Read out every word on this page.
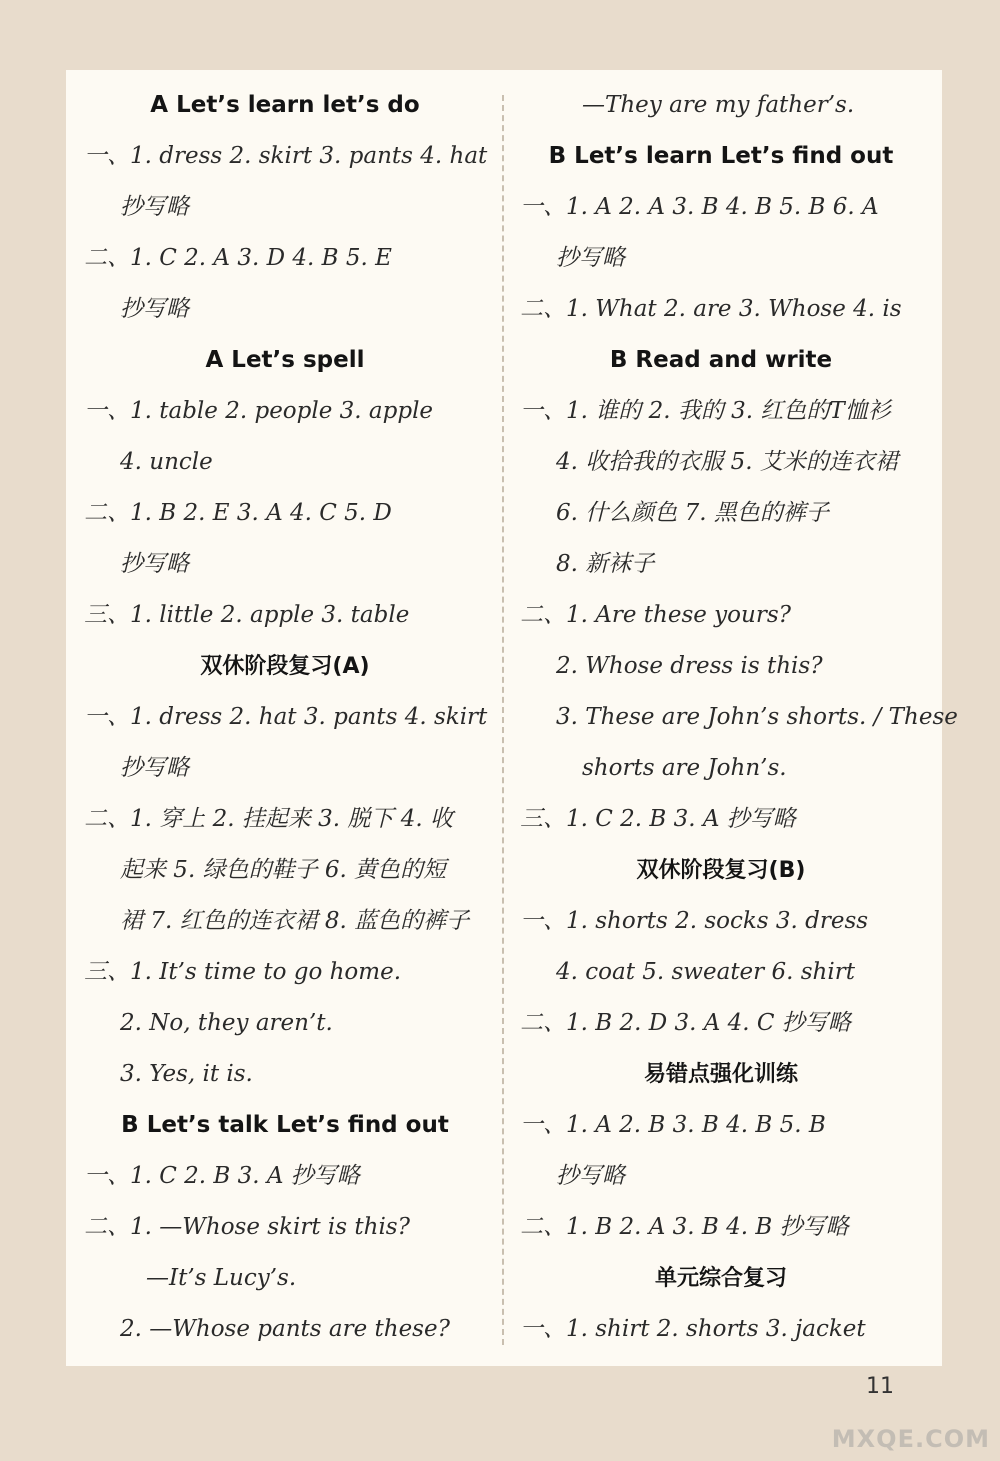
A Let’s learn let’s do
一、1. dress 2. skirt 3. pants 4. hat
抄写略
二、1. C 2. A 3. D 4. B 5. E
抄写略
A Let’s spell
一、1. table 2. people 3. apple
4. uncle
二、1. B 2. E 3. A 4. C 5. D
抄写略
三、1. little 2. apple 3. table
双休阶段复习(A)
一、1. dress 2. hat 3. pants 4. skirt
抄写略
二、1. 穿上 2. 挂起来 3. 脱下 4. 收
起来 5. 绿色的鞋子 6. 黄色的短
裙 7. 红色的连衣裙 8. 蓝色的裤子
三、1. It’s time to go home.
2. No, they aren’t.
3. Yes, it is.
B Let’s talk Let’s find out
一、1. C 2. B 3. A 抄写略
二、1. —Whose skirt is this?
—It’s Lucy’s.
2. —Whose pants are these?
—They are my father’s.
B Let’s learn Let’s find out
一、1. A 2. A 3. B 4. B 5. B 6. A
抄写略
二、1. What 2. are 3. Whose 4. is
B Read and write
一、1. 谁的 2. 我的 3. 红色的T恤衫
4. 收拾我的衣服 5. 艾米的连衣裙
6. 什么颜色 7. 黑色的裤子
8. 新袜子
二、1. Are these yours?
2. Whose dress is this?
3. These are John’s shorts. / These
shorts are John’s.
三、1. C 2. B 3. A 抄写略
双休阶段复习(B)
一、1. shorts 2. socks 3. dress
4. coat 5. sweater 6. shirt
二、1. B 2. D 3. A 4. C 抄写略
易错点强化训练
一、1. A 2. B 3. B 4. B 5. B
抄写略
二、1. B 2. A 3. B 4. B 抄写略
单元综合复习
一、1. shirt 2. shorts 3. jacket
11
MXQE.COM
